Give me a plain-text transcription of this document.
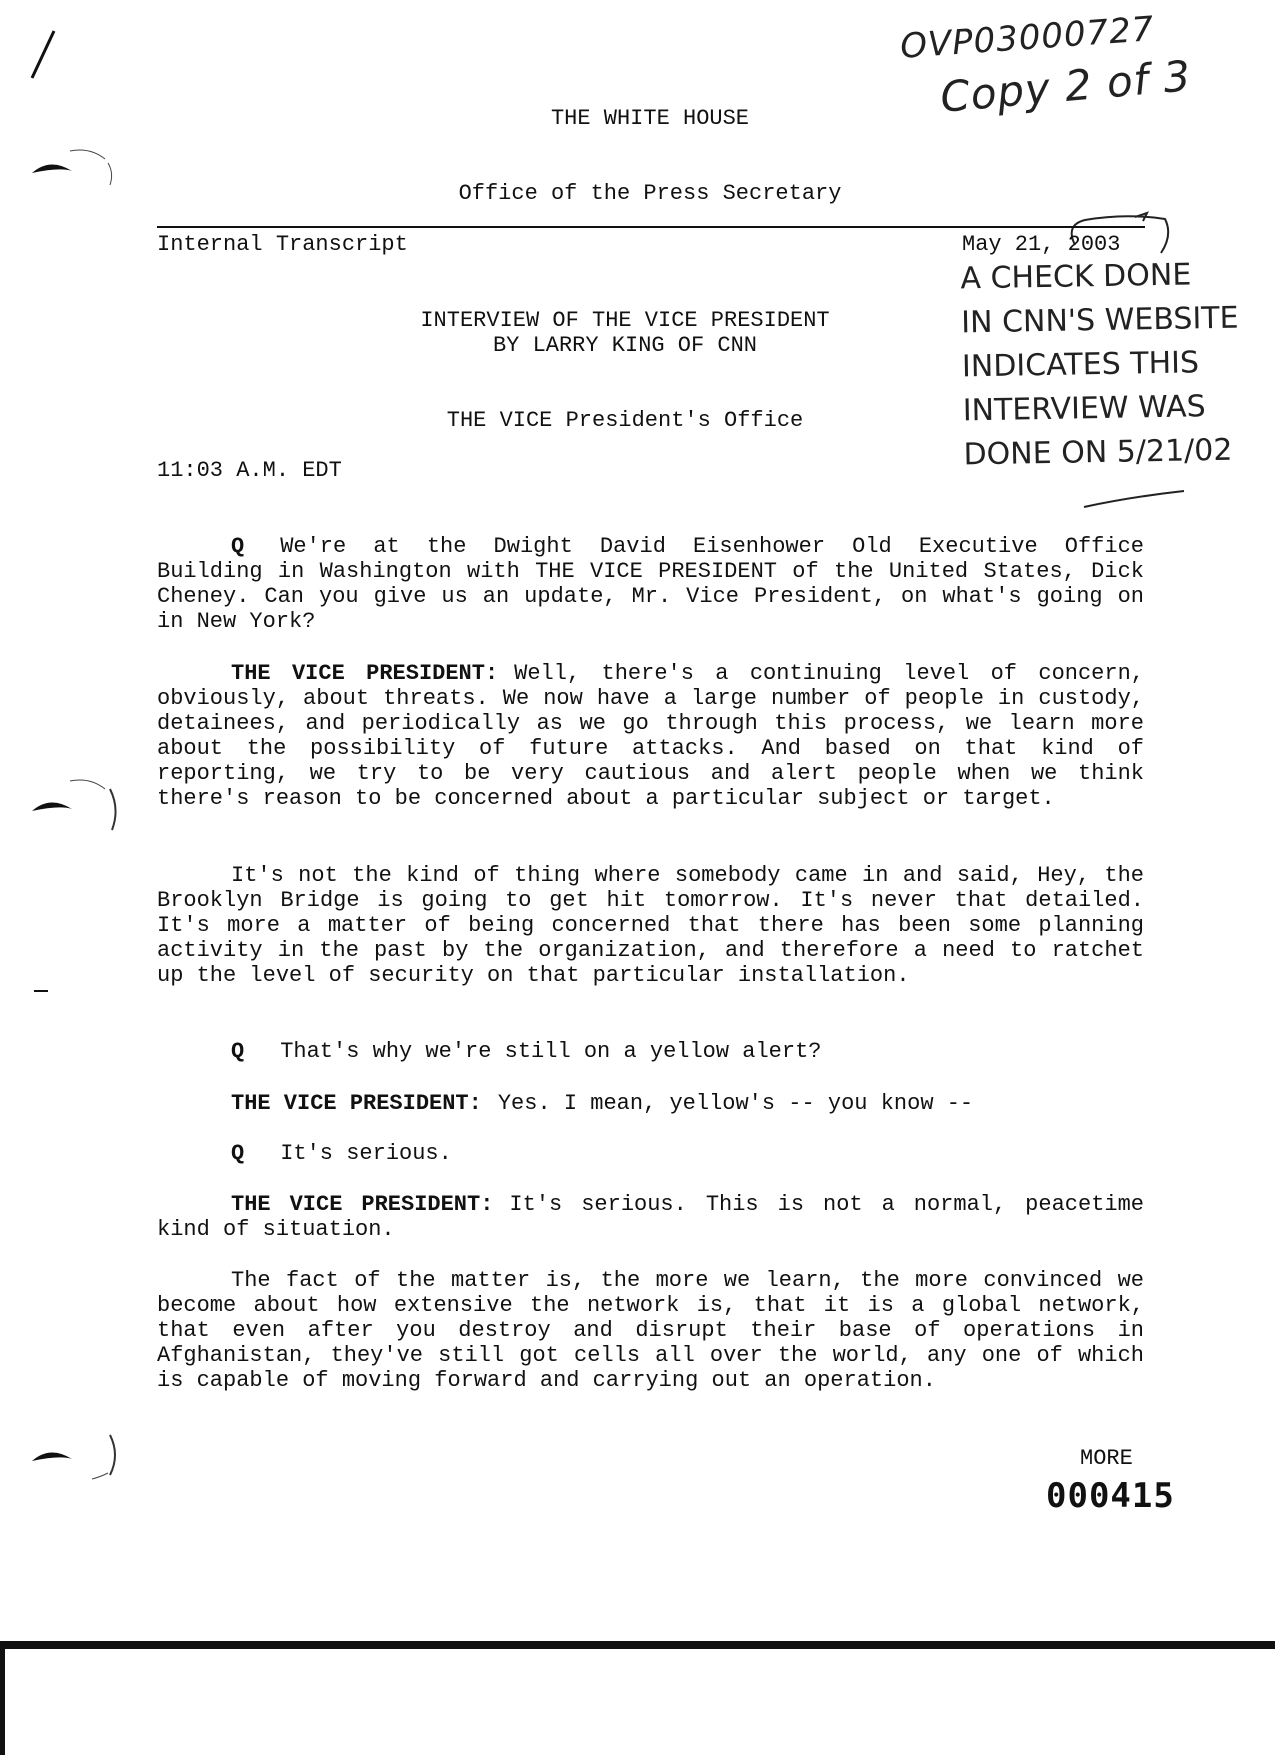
OVP03000727
Copy 2 of 3
A CHECK DONE
IN CNN'S WEBSITE
INDICATES THIS
INTERVIEW WAS
DONE ON 5/21/02
THE WHITE HOUSE
Office of the Press Secretary
Internal Transcript	May 21, 2003
INTERVIEW OF THE VICE PRESIDENT
BY LARRY KING OF CNN
THE VICE President's Office
11:03 A.M. EDT

Q We're at the Dwight David Eisenhower Old Executive Office Building in Washington with THE VICE PRESIDENT of the United States, Dick Cheney. Can you give us an update, Mr. Vice President, on what's going on in New York?

THE VICE PRESIDENT: Well, there's a continuing level of concern, obviously, about threats. We now have a large number of people in custody, detainees, and periodically as we go through this process, we learn more about the possibility of future attacks. And based on that kind of reporting, we try to be very cautious and alert people when we think there's reason to be concerned about a particular subject or target.

It's not the kind of thing where somebody came in and said, Hey, the Brooklyn Bridge is going to get hit tomorrow. It's never that detailed. It's more a matter of being concerned that there has been some planning activity in the past by the organization, and therefore a need to ratchet up the level of security on that particular installation.

Q That's why we're still on a yellow alert?

THE VICE PRESIDENT: Yes. I mean, yellow's -- you know --

Q It's serious.

THE VICE PRESIDENT: It's serious. This is not a normal, peacetime kind of situation.

The fact of the matter is, the more we learn, the more convinced we become about how extensive the network is, that it is a global network, that even after you destroy and disrupt their base of operations in Afghanistan, they've still got cells all over the world, any one of which is capable of moving forward and carrying out an operation.

MORE
000415
